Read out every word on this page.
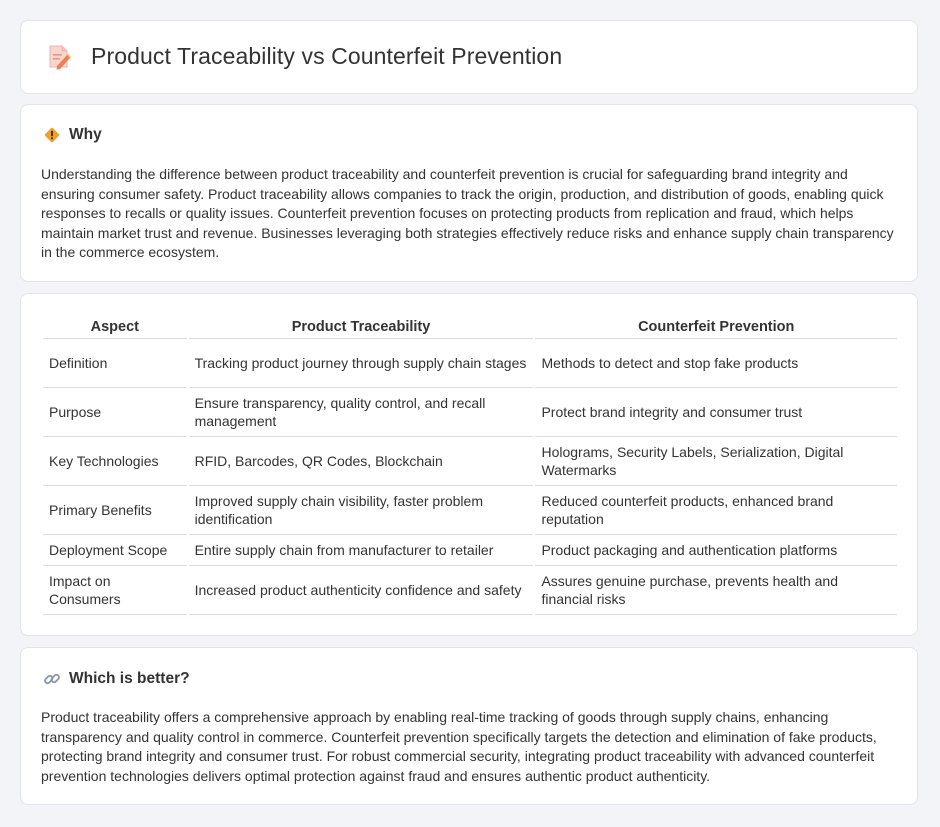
Product Traceability vs Counterfeit Prevention
Why

Understanding the difference between product traceability and counterfeit prevention is crucial for safeguarding brand integrity and ensuring consumer safety. Product traceability allows companies to track the origin, production, and distribution of goods, enabling quick responses to recalls or quality issues. Counterfeit prevention focuses on protecting products from replication and fraud, which helps maintain market trust and revenue. Businesses leveraging both strategies effectively reduce risks and enhance supply chain transparency in the commerce ecosystem.

Aspect	Product Traceability	Counterfeit Prevention
Definition	Tracking product journey through supply chain stages	Methods to detect and stop fake products
Purpose	Ensure transparency, quality control, and recall management	Protect brand integrity and consumer trust
Key Technologies	RFID, Barcodes, QR Codes, Blockchain	Holograms, Security Labels, Serialization, Digital Watermarks
Primary Benefits	Improved supply chain visibility, faster problem identification	Reduced counterfeit products, enhanced brand reputation
Deployment Scope	Entire supply chain from manufacturer to retailer	Product packaging and authentication platforms
Impact on Consumers	Increased product authenticity confidence and safety	Assures genuine purchase, prevents health and financial risks
Which is better?

Product traceability offers a comprehensive approach by enabling real-time tracking of goods through supply chains, enhancing transparency and quality control in commerce. Counterfeit prevention specifically targets the detection and elimination of fake products, protecting brand integrity and consumer trust. For robust commercial security, integrating product traceability with advanced counterfeit prevention technologies delivers optimal protection against fraud and ensures authentic product authenticity.
